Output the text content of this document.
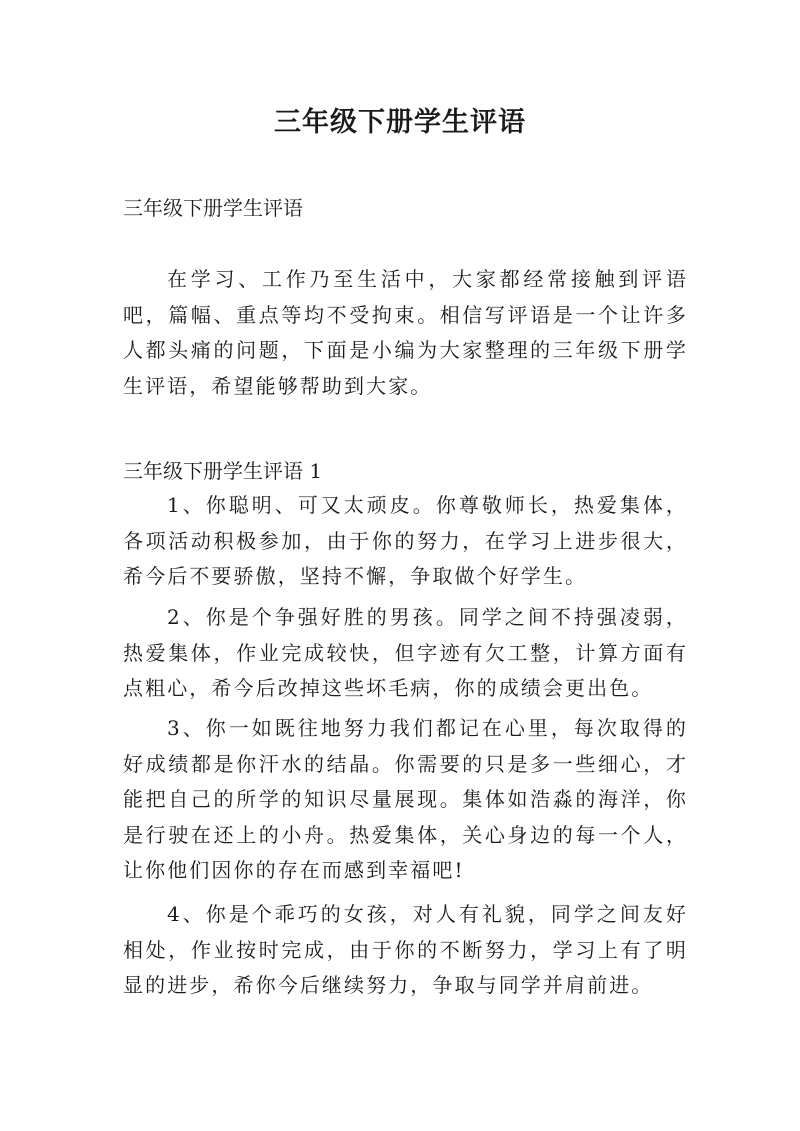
三年级下册学生评语
三年级下册学生评语
在学习、工作乃至生活中，大家都经常接触到评语吧，篇幅、重点等均不受拘束。相信写评语是一个让许多人都头痛的问题，下面是小编为大家整理的三年级下册学生评语，希望能够帮助到大家。
三年级下册学生评语 1
1、你聪明、可又太顽皮。你尊敬师长，热爱集体，各项活动积极参加，由于你的努力，在学习上进步很大，希今后不要骄傲，坚持不懈，争取做个好学生。
2、你是个争强好胜的男孩。同学之间不持强凌弱，热爱集体，作业完成较快，但字迹有欠工整，计算方面有点粗心，希今后改掉这些坏毛病，你的成绩会更出色。
3、你一如既往地努力我们都记在心里，每次取得的好成绩都是你汗水的结晶。你需要的只是多一些细心，才能把自己的所学的知识尽量展现。集体如浩淼的海洋，你是行驶在还上的小舟。热爱集体，关心身边的每一个人，让你他们因你的存在而感到幸福吧!
4、你是个乖巧的女孩，对人有礼貌，同学之间友好相处，作业按时完成，由于你的不断努力，学习上有了明显的进步，希你今后继续努力，争取与同学并肩前进。
